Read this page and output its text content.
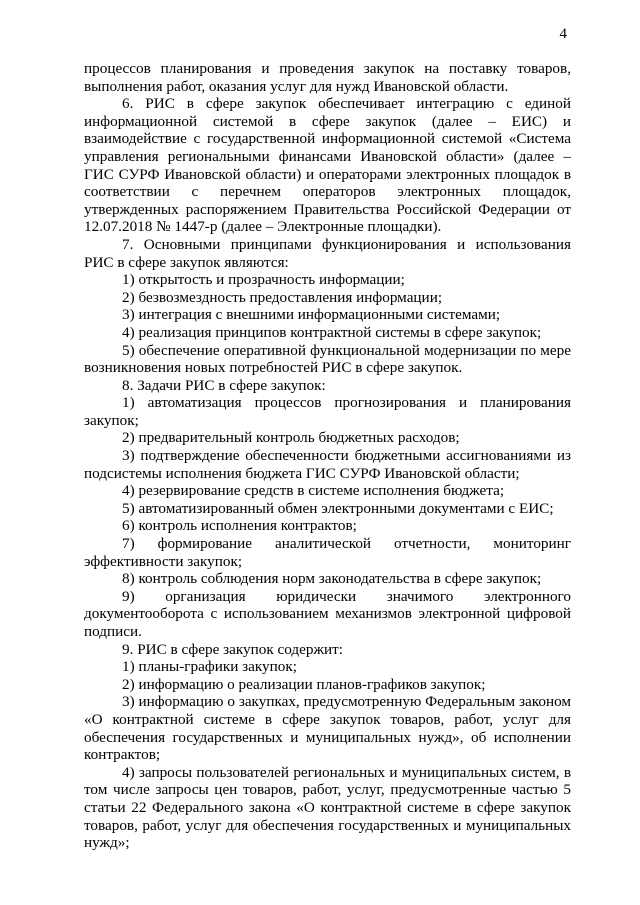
4

процессов планирования и проведения закупок на поставку товаров, выполнения работ, оказания услуг для нужд Ивановской области.

6. РИС в сфере закупок обеспечивает интеграцию с единой информационной системой в сфере закупок (далее – ЕИС) и взаимодействие с государственной информационной системой «Система управления региональными финансами Ивановской области» (далее – ГИС СУРФ Ивановской области) и операторами электронных площадок в соответствии с перечнем операторов электронных площадок, утвержденных распоряжением Правительства Российской Федерации от 12.07.2018 № 1447-р (далее – Электронные площадки).

7. Основными принципами функционирования и использования РИС в сфере закупок являются:

1) открытость и прозрачность информации;

2) безвозмездность предоставления информации;

3) интеграция с внешними информационными системами;

4) реализация принципов контрактной системы в сфере закупок;

5) обеспечение оперативной функциональной модернизации по мере возникновения новых потребностей РИС в сфере закупок.

8. Задачи РИС в сфере закупок:

1) автоматизация процессов прогнозирования и планирования закупок;

2) предварительный контроль бюджетных расходов;

3) подтверждение обеспеченности бюджетными ассигнованиями из подсистемы исполнения бюджета ГИС СУРФ Ивановской области;

4) резервирование средств в системе исполнения бюджета;

5) автоматизированный обмен электронными документами с ЕИС;

6) контроль исполнения контрактов;

7) формирование аналитической отчетности, мониторинг эффективности закупок;

8) контроль соблюдения норм законодательства в сфере закупок;

9) организация юридически значимого электронного документооборота с использованием механизмов электронной цифровой подписи.

9. РИС в сфере закупок содержит:

1) планы-графики закупок;

2) информацию о реализации планов-графиков закупок;

3) информацию о закупках, предусмотренную Федеральным законом «О контрактной системе в сфере закупок товаров, работ, услуг для обеспечения государственных и муниципальных нужд», об исполнении контрактов;

4) запросы пользователей региональных и муниципальных систем, в том числе запросы цен товаров, работ, услуг, предусмотренные частью 5 статьи 22 Федерального закона «О контрактной системе в сфере закупок товаров, работ, услуг для обеспечения государственных и муниципальных нужд»;
